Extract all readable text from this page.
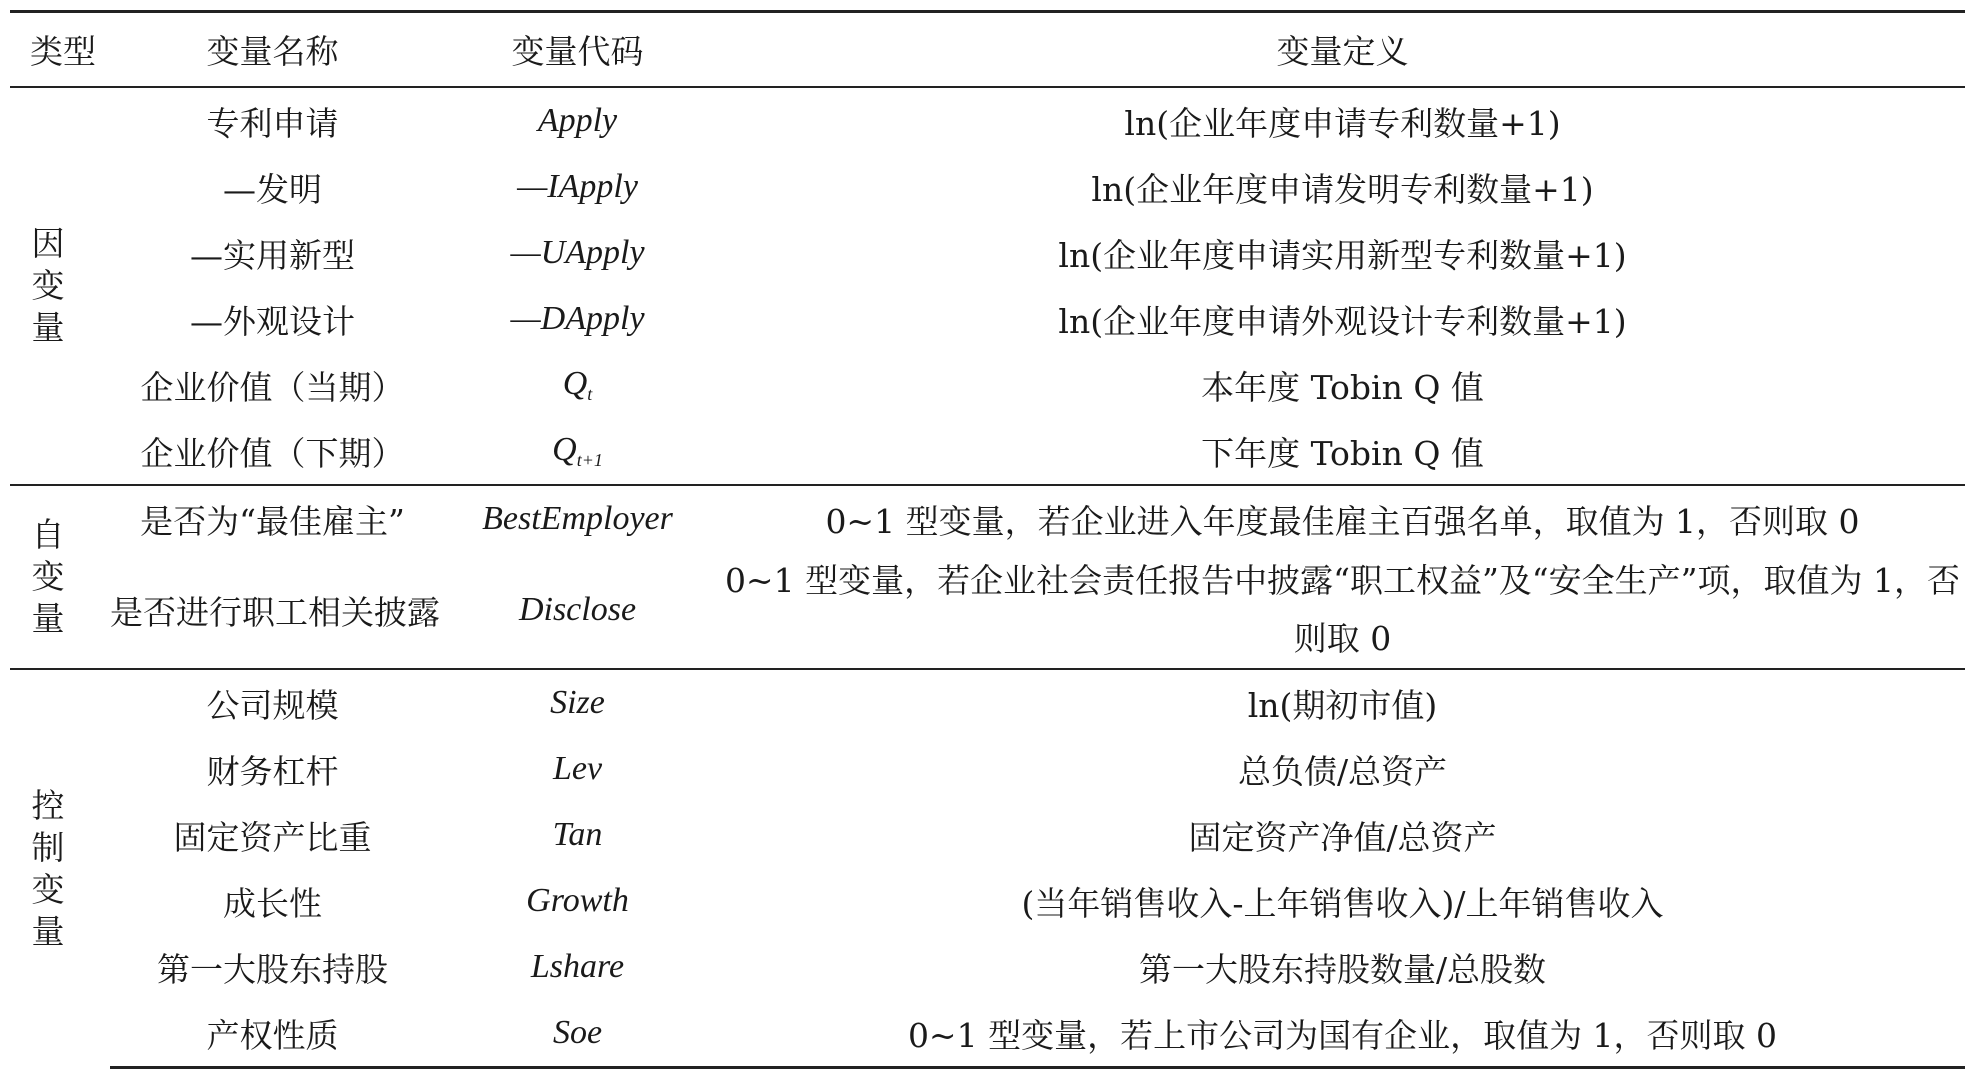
类型	变量名称	变量代码	变量定义
因变量	专利申请	Apply	ln(企业年度申请专利数量+1)
	—发明	—IApply	ln(企业年度申请发明专利数量+1)
	—实用新型	—UApply	ln(企业年度申请实用新型专利数量+1)
	—外观设计	—DApply	ln(企业年度申请外观设计专利数量+1)
	企业价值（当期）	$Q_t$	本年度 Tobin Q 值
	企业价值（下期）	$Q_{t+1}$	下年度 Tobin Q 值
自变量	是否为“最佳雇主”	BestEmployer	0~1 型变量，若企业进入年度最佳雇主百强名单，取值为 1，否则取 0
	是否进行职工相关披露	Disclose	0~1 型变量，若企业社会责任报告中披露“职工权益”及“安全生产”项，取值为 1，否则取 0
控制变量	公司规模	Size	ln(期初市值)
	财务杠杆	Lev	总负债/总资产
	固定资产比重	Tan	固定资产净值/总资产
	成长性	Growth	(当年销售收入-上年销售收入)/上年销售收入
	第一大股东持股	Lshare	第一大股东持股数量/总股数
	产权性质	Soe	0~1 型变量，若上市公司为国有企业，取值为 1，否则取 0
